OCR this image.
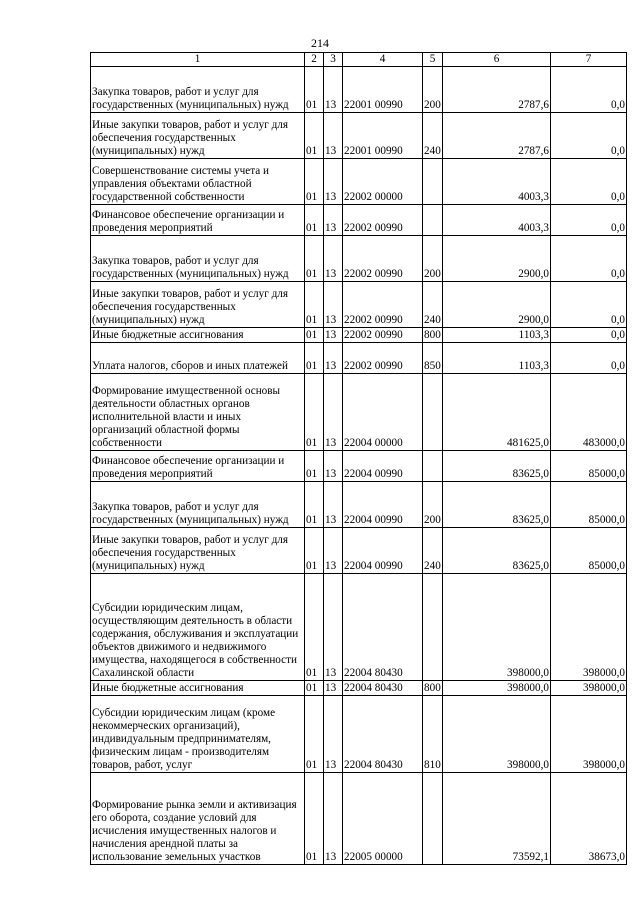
214
1	2	3	4	5	6	7
Закупка товаров, работ и услуг для государственных (муниципальных) нужд	01	13	22001 00990	200	2787,6	0,0
Иные закупки товаров, работ и услуг для обеспечения государственных (муниципальных) нужд	01	13	22001 00990	240	2787,6	0,0
Совершенствование системы учета и управления объектами областной государственной собственности	01	13	22002 00000		4003,3	0,0
Финансовое обеспечение организации и проведения мероприятий	01	13	22002 00990		4003,3	0,0
Закупка товаров, работ и услуг для государственных (муниципальных) нужд	01	13	22002 00990	200	2900,0	0,0
Иные закупки товаров, работ и услуг для обеспечения государственных (муниципальных) нужд	01	13	22002 00990	240	2900,0	0,0
Иные бюджетные ассигнования	01	13	22002 00990	800	1103,3	0,0
Уплата налогов, сборов и иных платежей	01	13	22002 00990	850	1103,3	0,0
Формирование имущественной основы деятельности областных органов исполнительной власти и иных организаций областной формы собственности	01	13	22004 00000		481625,0	483000,0
Финансовое обеспечение организации и проведения мероприятий	01	13	22004 00990		83625,0	85000,0
Закупка товаров, работ и услуг для государственных (муниципальных) нужд	01	13	22004 00990	200	83625,0	85000,0
Иные закупки товаров, работ и услуг для обеспечения государственных (муниципальных) нужд	01	13	22004 00990	240	83625,0	85000,0
Субсидии юридическим лицам, осуществляющим деятельность в области содержания, обслуживания и эксплуатации объектов движимого и недвижимого имущества, находящегося в собственности Сахалинской области	01	13	22004 80430		398000,0	398000,0
Иные бюджетные ассигнования	01	13	22004 80430	800	398000,0	398000,0
Субсидии юридическим лицам (кроме некоммерческих организаций), индивидуальным предпринимателям, физическим лицам - производителям товаров, работ, услуг	01	13	22004 80430	810	398000,0	398000,0
Формирование рынка земли и активизация его оборота, создание условий для исчисления имущественных налогов и начисления арендной платы за использование земельных участков	01	13	22005 00000		73592,1	38673,0
